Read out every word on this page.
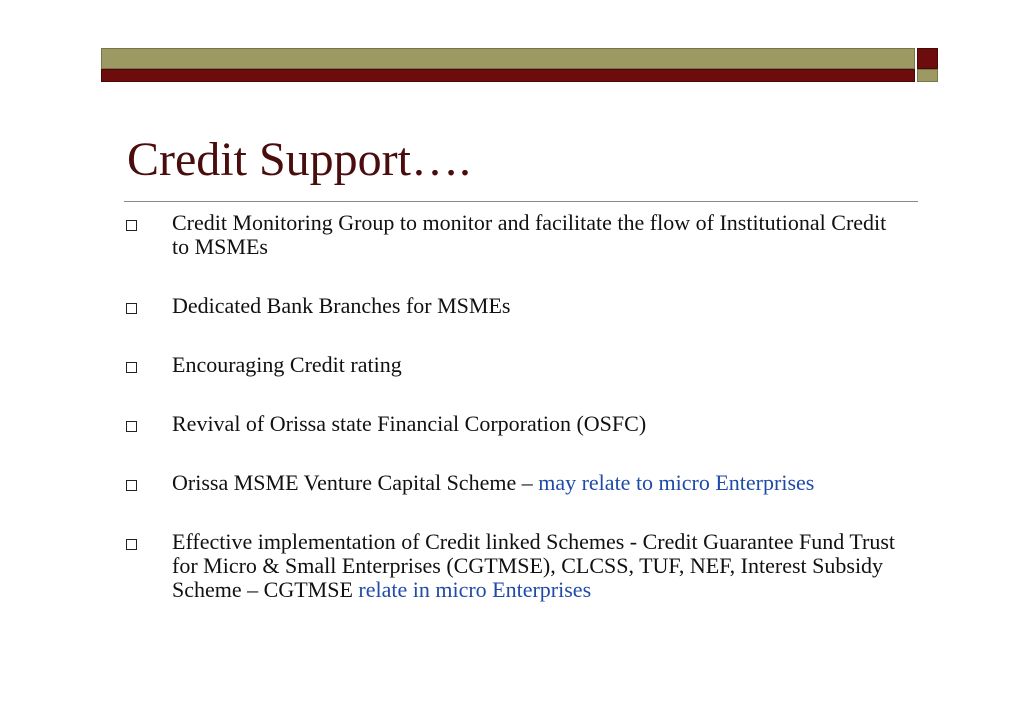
Credit Support….
Credit Monitoring Group to monitor and facilitate the flow of Institutional Credit to MSMEs
Dedicated Bank Branches for MSMEs
Encouraging Credit rating
Revival of Orissa state Financial Corporation (OSFC)
Orissa MSME Venture Capital Scheme – may relate to micro Enterprises
Effective implementation of Credit linked Schemes - Credit Guarantee Fund Trust for Micro & Small Enterprises (CGTMSE), CLCSS, TUF, NEF, Interest Subsidy Scheme – CGTMSE relate in micro Enterprises
